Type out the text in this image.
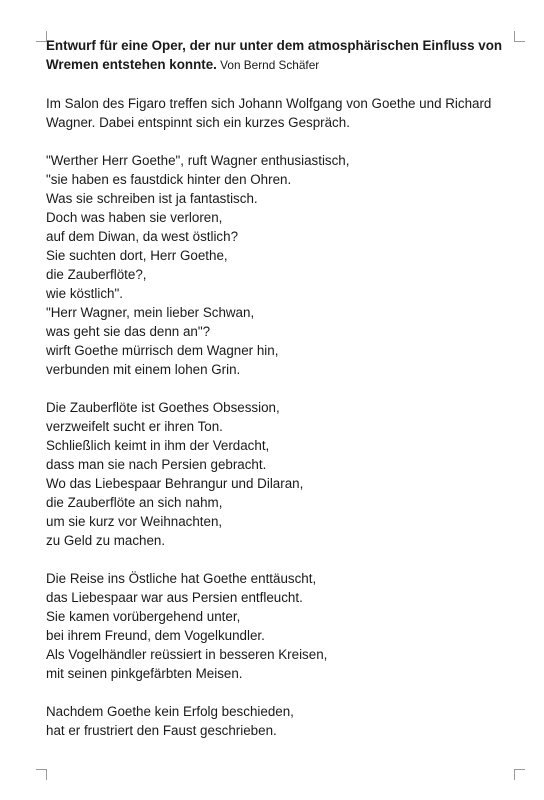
Entwurf für eine Oper, der nur unter dem atmosphärischen Einfluss von

Wremen entstehen konnte. Von Bernd Schäfer

Im Salon des Figaro treffen sich Johann Wolfgang von Goethe und Richard

Wagner. Dabei entspinnt sich ein kurzes Gespräch.

"Werther Herr Goethe", ruft Wagner enthusiastisch,

"sie haben es faustdick hinter den Ohren.

Was sie schreiben ist ja fantastisch.

Doch was haben sie verloren,

auf dem Diwan, da west östlich?

Sie suchten dort, Herr Goethe,

die Zauberflöte?,

wie köstlich".

"Herr Wagner, mein lieber Schwan,

was geht sie das denn an"?

wirft Goethe mürrisch dem Wagner hin,

verbunden mit einem lohen Grin.

Die Zauberflöte ist Goethes Obsession,

verzweifelt sucht er ihren Ton.

Schließlich keimt in ihm der Verdacht,

dass man sie nach Persien gebracht.

Wo das Liebespaar Behrangur und Dilaran,

die Zauberflöte an sich nahm,

um sie kurz vor Weihnachten,

zu Geld zu machen.

Die Reise ins Östliche hat Goethe enttäuscht,

das Liebespaar war aus Persien entfleucht.

Sie kamen vorübergehend unter,

bei ihrem Freund, dem Vogelkundler.

Als Vogelhändler reüssiert in besseren Kreisen,

mit seinen pinkgefärbten Meisen.

Nachdem Goethe kein Erfolg beschieden,

hat er frustriert den Faust geschrieben.
